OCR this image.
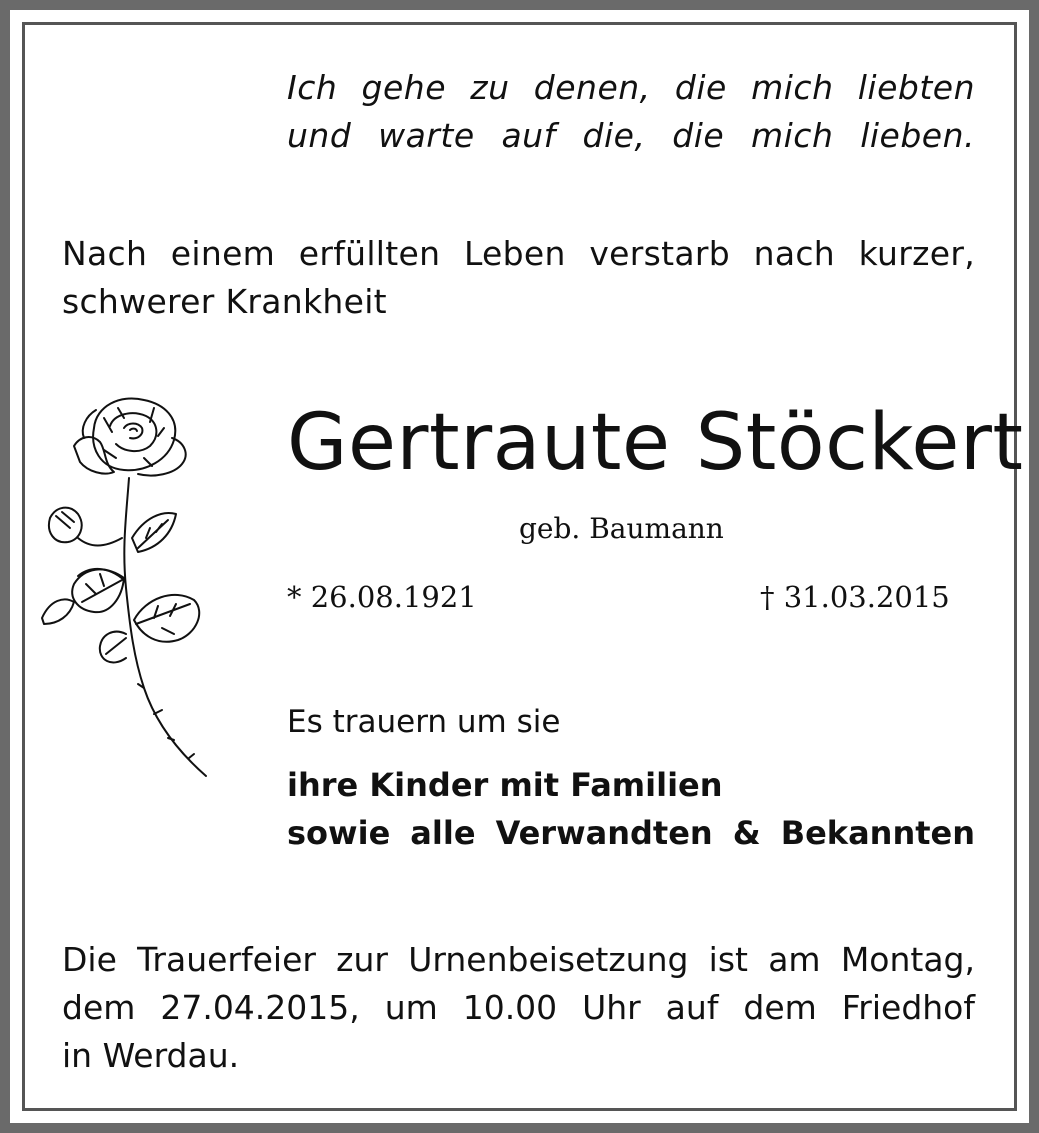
Ich gehe zu denen, die mich liebten
und warte auf die, die mich lieben.
Nach einem erfüllten Leben verstarb nach kurzer,
schwerer Krankheit
Gertraute Stöckert
geb. Baumann
* 26.08.1921	† 31.03.2015
Es trauern um sie
ihre Kinder mit Familien
sowie alle Verwandten & Bekannten
Die Trauerfeier zur Urnenbeisetzung ist am Montag,
dem 27.04.2015, um 10.00 Uhr auf dem Friedhof
in Werdau.
